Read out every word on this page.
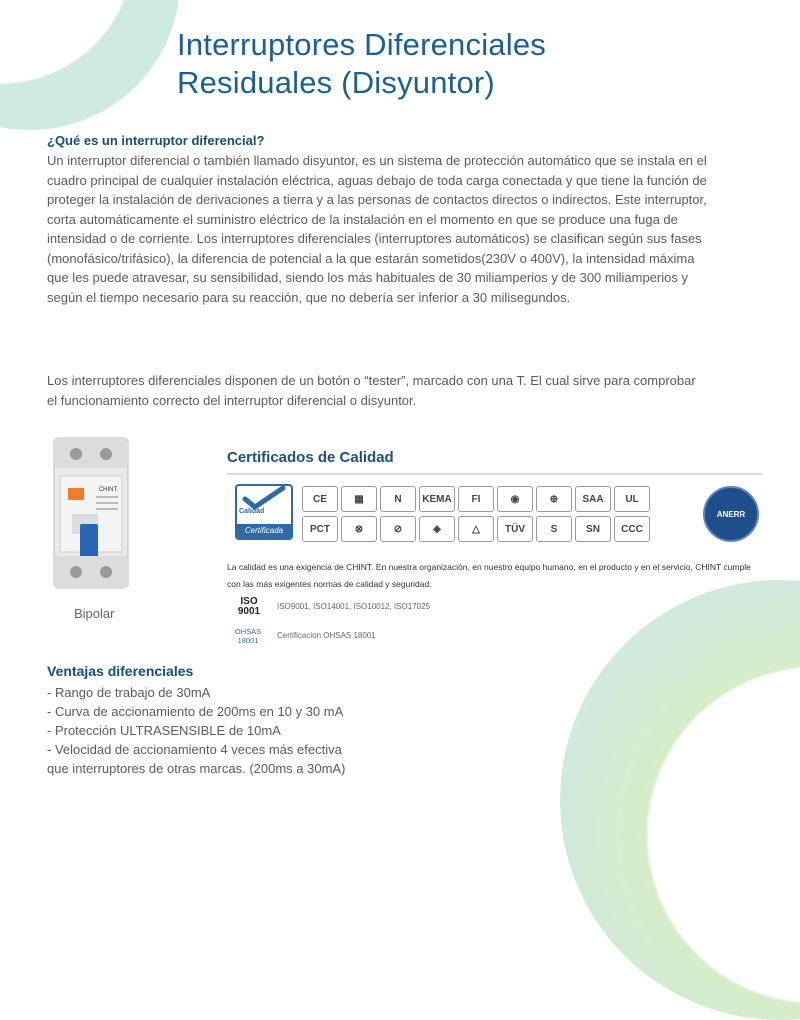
Interruptores Diferenciales
Residuales (Disyuntor)
¿Qué es un interruptor diferencial?
Un interruptor diferencial o también llamado disyuntor, es un sistema de protección automático que se instala en el cuadro principal de cualquier instalación eléctrica, aguas debajo de toda carga conectada y que tiene la función de proteger la instalación de derivaciones a tierra y a las personas de contactos directos o indirectos. Este interruptor, corta automáticamente el suministro eléctrico de la instalación en el momento en que se produce una fuga de intensidad o de corriente. Los interruptores diferenciales (interruptores automáticos) se clasifican según sus fases (monofásico/trifásico), la diferencia de potencial a la que estarán sometidos(230V o 400V), la intensidad máxima que les puede atravesar, su sensibilidad, siendo los más habituales de 30 miliamperios y de 300 miliamperios y según el tiempo necesario para su reacción, que no debería ser inferior a 30 milisegundos.
Los interruptores diferenciales disponen de un botón o “tester”, marcado con una T. El cual sirve para comprobar el funcionamiento correcto del interruptor diferencial o disyuntor.
CHINT
Bipolar
Certificados de Calidad
Calidad
Certificada
CE	▦	N	KEMA	FI	◉	⊕	SAA	UL
PCT	⊗	⊘	◈	△	TÜV	S	SN	CCC
ANERR
La calidad es una exigencia de CHINT. En nuestra organización, en nuestro equipo humano, en el producto y en el servicio, CHINT cumple con las más exigentes normas de calidad y seguridad.
ISO 9001	ISO9001, ISO14001, ISO10012, ISO17025
OHSAS 18001
Certificacion OHSAS 18001
Ventajas diferenciales
- Rango de trabajo de 30mA
- Curva de accionamiento de 200ms en 10 y 30 mA
- Protección ULTRASENSIBLE de 10mA
- Velocidad de accionamiento 4 veces más efectiva
que interruptores de otras marcas. (200ms a 30mA)
